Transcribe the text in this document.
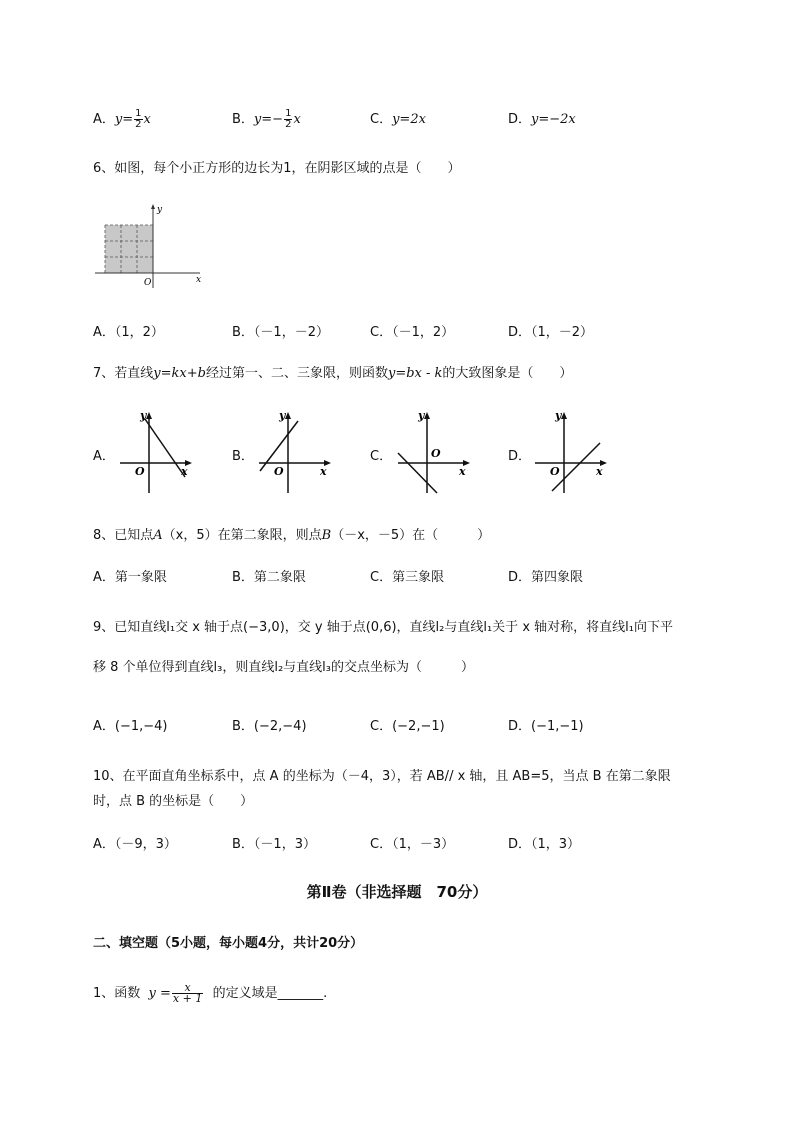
A．$y= \frac{1}{2}$ x	B．$y=- \frac{1}{2}$ x	C．y=2x	D．y=−2x
6、如图，每个小正方形的边长为1，在阴影区域的点是（　　）
y
x
O
A．（1，2）	B．（－1，－2）	C．（－1，2）	D．（1，－2）
7、若直线y=kx+b经过第一、二、三象限，则函数y=bx - k的大致图象是（　　）
A．	B．	C．	D．
y
x
O
y
x
O
y
x
O
y
x
O
8、已知点A（x，5）在第二象限，则点B（－x，－5）在（　　　）
A．第一象限	B．第二象限	C．第三象限	D．第四象限
9、已知直线l₁交 x 轴于点(−3,0)，交 y 轴于点(0,6)，直线l₂与直线l₁关于 x 轴对称，将直线l₁向下平
移 8 个单位得到直线l₃，则直线l₂与直线l₃的交点坐标为（　　　）
A．(−1,−4)	B．(−2,−4)	C．(−2,−1)	D．(−1,−1)
10、在平面直角坐标系中，点 A 的坐标为（－4，3），若 AB// x 轴，且 AB=5，当点 B 在第二象限
时，点 B 的坐标是（　　）
A．（－9，3）	B．（－1，3）	C．（1，－3）	D．（1，3）
第Ⅱ卷（非选择题　70分）
二、填空题（5小题，每小题4分，共计20分）
1、函数 $y = \frac{x}{x + 1}$ 的定义域是_______.
